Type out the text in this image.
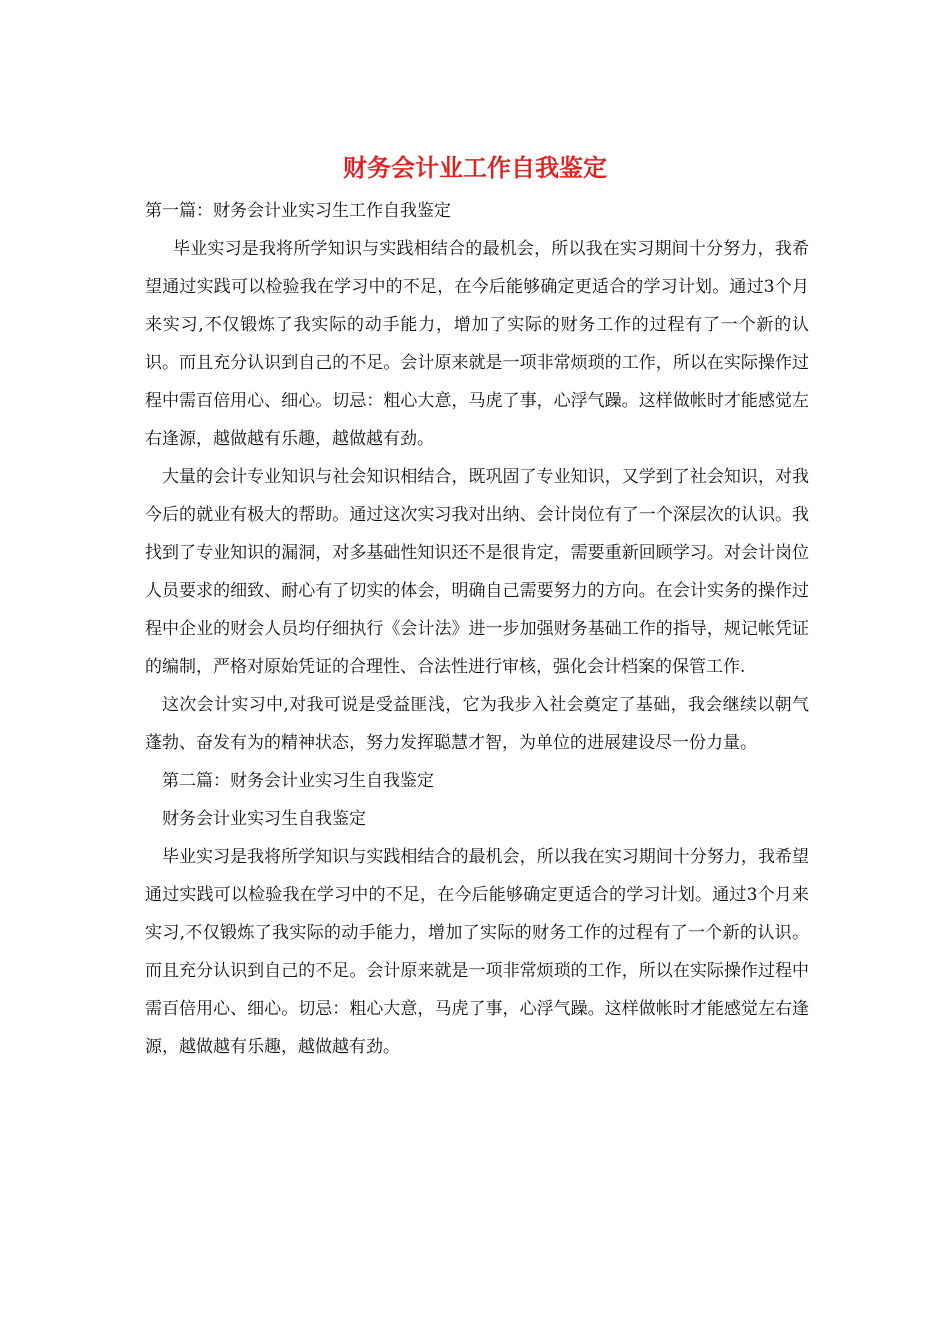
财务会计业工作自我鉴定

第一篇：财务会计业实习生工作自我鉴定

毕业实习是我将所学知识与实践相结合的最机会，所以我在实习期间十分努力，我希望通过实践可以检验我在学习中的不足，在今后能够确定更适合的学习计划。通过3个月来实习,不仅锻炼了我实际的动手能力，增加了实际的财务工作的过程有了一个新的认识。而且充分认识到自己的不足。会计原来就是一项非常烦琐的工作，所以在实际操作过程中需百倍用心、细心。切忌：粗心大意，马虎了事，心浮气躁。这样做帐时才能感觉左右逢源，越做越有乐趣，越做越有劲。

大量的会计专业知识与社会知识相结合，既巩固了专业知识，又学到了社会知识，对我今后的就业有极大的帮助。通过这次实习我对出纳、会计岗位有了一个深层次的认识。我找到了专业知识的漏洞，对多基础性知识还不是很肯定，需要重新回顾学习。对会计岗位人员要求的细致、耐心有了切实的体会，明确自己需要努力的方向。在会计实务的操作过程中企业的财会人员均仔细执行《会计法》进一步加强财务基础工作的指导，规记帐凭证的编制，严格对原始凭证的合理性、合法性进行审核，强化会计档案的保管工作.

这次会计实习中,对我可说是受益匪浅，它为我步入社会奠定了基础，我会继续以朝气蓬勃、奋发有为的精神状态，努力发挥聪慧才智，为单位的进展建设尽一份力量。

第二篇：财务会计业实习生自我鉴定

财务会计业实习生自我鉴定

毕业实习是我将所学知识与实践相结合的最机会，所以我在实习期间十分努力，我希望通过实践可以检验我在学习中的不足，在今后能够确定更适合的学习计划。通过3个月来实习,不仅锻炼了我实际的动手能力，增加了实际的财务工作的过程有了一个新的认识。而且充分认识到自己的不足。会计原来就是一项非常烦琐的工作，所以在实际操作过程中需百倍用心、细心。切忌：粗心大意，马虎了事，心浮气躁。这样做帐时才能感觉左右逢源，越做越有乐趣，越做越有劲。
